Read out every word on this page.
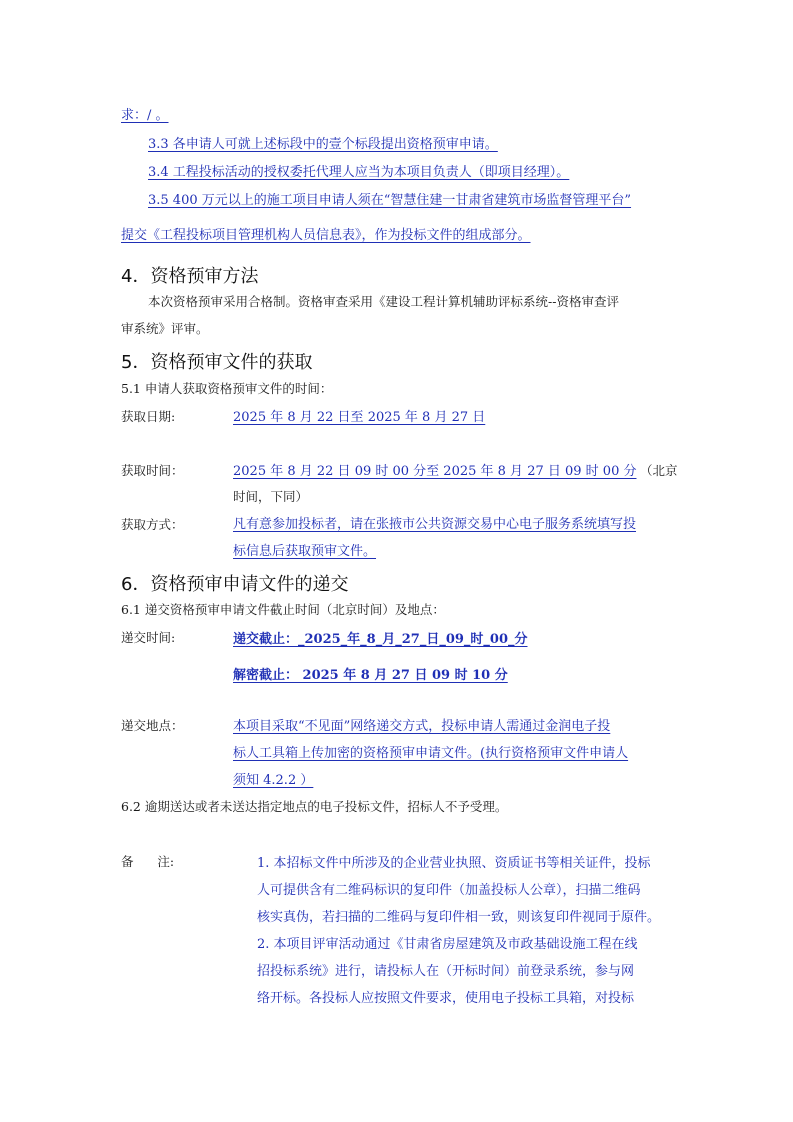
求：/ 。
3.3 各申请人可就上述标段中的壹个标段提出资格预审申请。
3.4 工程投标活动的授权委托代理人应当为本项目负责人（即项目经理）。
3.5 400 万元以上的施工项目申请人须在“智慧住建一甘肃省建筑市场监督管理平台”
提交《工程投标项目管理机构人员信息表》，作为投标文件的组成部分。
4．资格预审方法
本次资格预审采用合格制。资格审查采用《建设工程计算机辅助评标系统--资格审查评
审系统》评审。
5．资格预审文件的获取
5.1 申请人获取资格预审文件的时间：
获取日期:	2025 年 8 月 22 日至 2025 年 8 月 27 日
获取时间：	2025 年 8 月 22 日 09 时 00 分至 2025 年 8 月 27 日 09 时 00 分 （北京
时间，下同）
获取方式：	凡有意参加投标者，请在张掖市公共资源交易中心电子服务系统填写投
标信息后获取预审文件。
6．资格预审申请文件的递交
6.1 递交资格预审申请文件截止时间（北京时间）及地点：
递交时间:	递交截止：_2025_年_8_月_27_日_09_时_00_分
解密截止： 2025 年 8 月 27 日 09 时 10 分
递交地点：	本项目采取“不见面”网络递交方式，投标申请人需通过金润电子投
标人工具箱上传加密的资格预审申请文件。(执行资格预审文件申请人
须知 4.2.2 ）
6.2 逾期送达或者未送达指定地点的电子投标文件，招标人不予受理。
备      注:	1. 本招标文件中所涉及的企业营业执照、资质证书等相关证件，投标
人可提供含有二维码标识的复印件（加盖投标人公章），扫描二维码
核实真伪，若扫描的二维码与复印件相一致，则该复印件视同于原件。
2. 本项目评审活动通过《甘肃省房屋建筑及市政基础设施工程在线
招投标系统》进行，请投标人在（开标时间）前登录系统，参与网
络开标。各投标人应按照文件要求，使用电子投标工具箱，对投标
